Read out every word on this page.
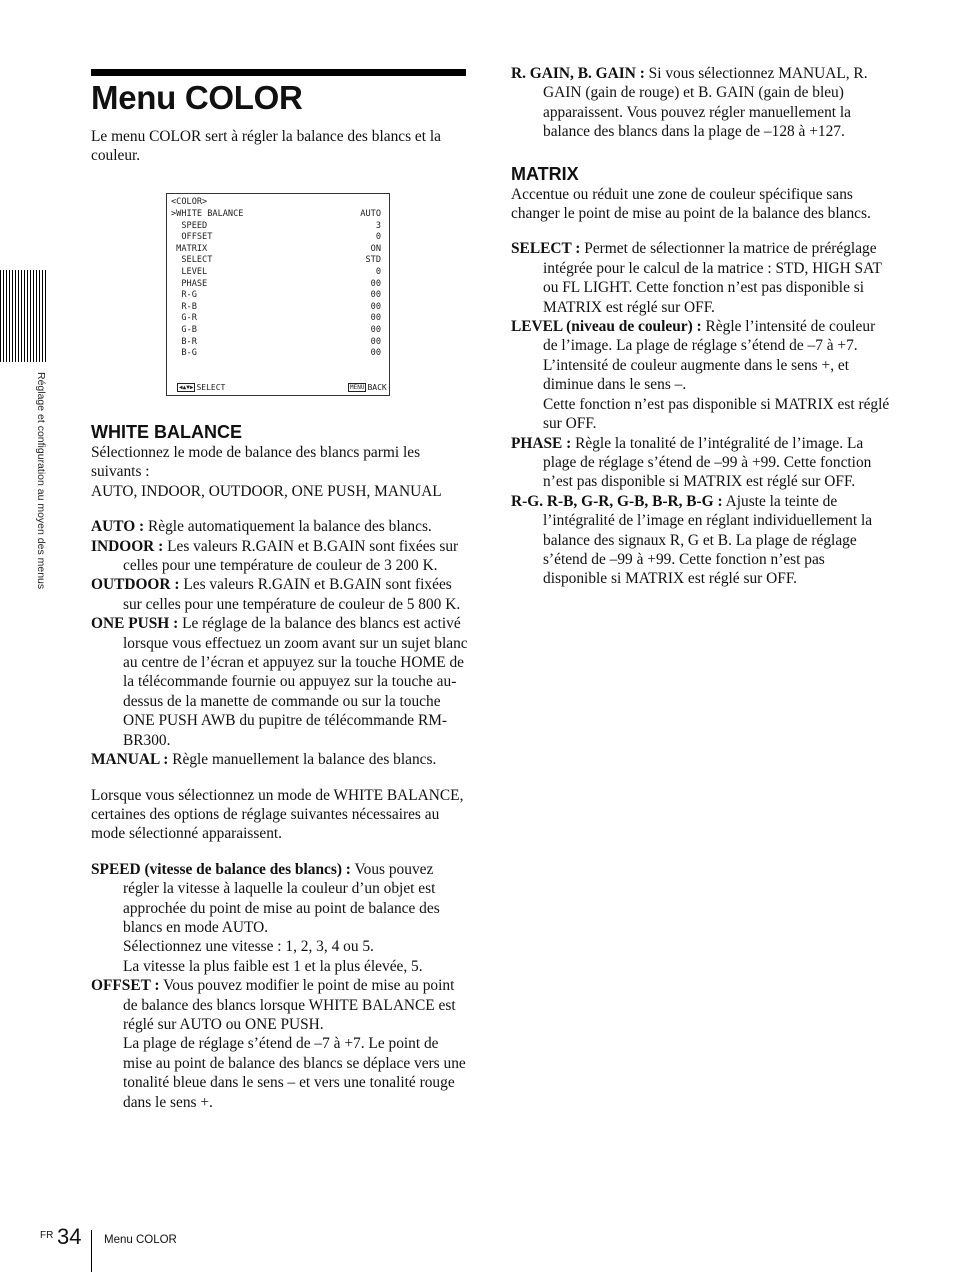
Menu COLOR

Le menu COLOR sert à régler la balance des blancs et la couleur.

<COLOR>
>WHITE BALANCE	AUTO
SPEED	3
OFFSET	0
MATRIX	ON
SELECT	STD
LEVEL	0
PHASE	00
R-G	00
R-B	00
G-R	00
G-B	00
B-R	00
B-G	00
◀▲▼▶ SELECT	MENU BACK

WHITE BALANCE

Sélectionnez le mode de balance des blancs parmi les suivants :

AUTO, INDOOR, OUTDOOR, ONE PUSH, MANUAL

AUTO : Règle automatiquement la balance des blancs.

INDOOR : Les valeurs R.GAIN et B.GAIN sont fixées sur celles pour une température de couleur de 3 200 K.

OUTDOOR : Les valeurs R.GAIN et B.GAIN sont fixées sur celles pour une température de couleur de 5 800 K.

ONE PUSH : Le réglage de la balance des blancs est activé lorsque vous effectuez un zoom avant sur un sujet blanc au centre de l’écran et appuyez sur la touche HOME de la télécommande fournie ou appuyez sur la touche au-dessus de la manette de commande ou sur la touche ONE PUSH AWB du pupitre de télécommande RM-BR300.

MANUAL : Règle manuellement la balance des blancs.

Lorsque vous sélectionnez un mode de WHITE BALANCE, certaines des options de réglage suivantes nécessaires au mode sélectionné apparaissent.

SPEED (vitesse de balance des blancs) : Vous pouvez régler la vitesse à laquelle la couleur d’un objet est approchée du point de mise au point de balance des blancs en mode AUTO.

Sélectionnez une vitesse : 1, 2, 3, 4 ou 5.

La vitesse la plus faible est 1 et la plus élevée, 5.

OFFSET : Vous pouvez modifier le point de mise au point de balance des blancs lorsque WHITE BALANCE est réglé sur AUTO ou ONE PUSH.

La plage de réglage s’étend de –7 à +7. Le point de mise au point de balance des blancs se déplace vers une tonalité bleue dans le sens – et vers une tonalité rouge dans le sens +.

R. GAIN, B. GAIN : Si vous sélectionnez MANUAL, R. GAIN (gain de rouge) et B. GAIN (gain de bleu) apparaissent. Vous pouvez régler manuellement la balance des blancs dans la plage de –128 à +127.

MATRIX

Accentue ou réduit une zone de couleur spécifique sans changer le point de mise au point de la balance des blancs.

SELECT : Permet de sélectionner la matrice de préréglage intégrée pour le calcul de la matrice : STD, HIGH SAT ou FL LIGHT. Cette fonction n’est pas disponible si MATRIX est réglé sur OFF.

LEVEL (niveau de couleur) : Règle l’intensité de couleur de l’image. La plage de réglage s’étend de –7 à +7. L’intensité de couleur augmente dans le sens +, et diminue dans le sens –.

Cette fonction n’est pas disponible si MATRIX est réglé sur OFF.

PHASE : Règle la tonalité de l’intégralité de l’image. La plage de réglage s’étend de –99 à +99. Cette fonction n’est pas disponible si MATRIX est réglé sur OFF.

R-G. R-B, G-R, G-B, B-R, B-G : Ajuste la teinte de l’intégralité de l’image en réglant individuellement la balance des signaux R, G et B. La plage de réglage s’étend de –99 à +99. Cette fonction n’est pas disponible si MATRIX est réglé sur OFF.

Réglage et configuration au moyen des menus
FR 34 Menu COLOR
